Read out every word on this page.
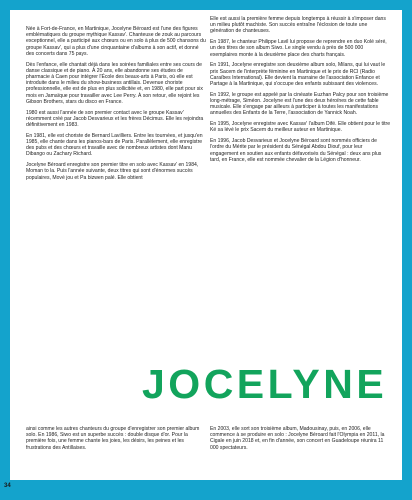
Née à Fort-de-France, en Martinique, Jocelyne Béroard est l'une des figures emblématiques du groupe mythique Kassav'. Chanteuse de zouk au parcours exceptionnel, elle a participé aux chœurs ou en solo à plus de 500 chansons du groupe Kassav', qui a plus d'une cinquantaine d'albums à son actif, et donné des concerts dans 75 pays.

Dès l'enfance, elle chantait déjà dans les soirées familiales entre ses cours de danse classique et de piano. À 20 ans, elle abandonne ses études de pharmacie à Caen pour intégrer l'École des beaux-arts à Paris, où elle est introduite dans le milieu du show-business antillais. Devenue choriste professionnelle, elle est de plus en plus sollicitée et, en 1980, elle part pour six mois en Jamaïque pour travailler avec Lee Perry. À son retour, elle rejoint les Gibson Brothers, stars du disco en France.

1980 est aussi l'année de son premier contact avec le groupe Kassav' récemment créé par Jacob Desvarieux et les frères Décimus. Elle les rejoindra définitivement en 1983.

En 1981, elle est choriste de Bernard Lavilliers. Entre les tournées, et jusqu'en 1985, elle chante dans les pianos-bars de Paris. Parallèlement, elle enregistre des pubs et des chœurs et travaille avec de nombreux artistes dont Manu Dibango ou Zachary Richard.

Jocelyne Béroard enregistre son premier titre en solo avec Kassav' en 1984, Moman to la. Puis l'année suivante, deux titres qui sont d'énormes succès populaires, Mové jou et Pa bizwen palé. Elle obtient

Elle est aussi la première femme depuis longtemps à réussir à s'imposer dans un milieu plutôt machiste. Son succès entraîne l'éclosion de toute une génération de chanteuses.

En 1987, le chanteur Philippe Lavil lui propose de reprendre en duo Kolé séré, un des titres de son album Siwo. Le single vendu à près de 500 000 exemplaires monte à la deuxième place des charts français.

En 1991, Jocelyne enregistre son deuxième album solo, Milans, qui lui vaut le prix Sacem de l'interprète féminine en Martinique et le prix de RCI (Radio Caraïbes International). Elle devient la marraine de l'association Enfance et Partage à la Martinique, qui s'occupe des enfants subissant des violences.

En 1992, le groupe est appelé par la cinéaste Euzhan Palcy pour son troisième long-métrage, Siméon. Jocelyne est l'une des deux héroïnes de cette fable musicale. Elle s'engage par ailleurs à participer à toutes les manifestations annuelles des Enfants de la Terre, l'association de Yannick Noah.

En 1995, Jocelyne enregistre avec Kassav' l'album Difé. Elle obtient pour le titre Ké sa lévé le prix Sacem du meilleur auteur en Martinique.

En 1996, Jacob Desvarieux et Jocelyne Béroard sont nommés officiers de l'ordre du Mérite par le président du Sénégal Abdou Diouf, pour leur engagement en soutien aux enfants défavorisés du Sénégal : deux ans plus tard, en France, elle est nommée chevalier de la Légion d'honneur.

JOCELYNE

ainsi comme les autres chanteurs du groupe d'enregistrer son premier album solo. En 1986, Siwo est un superbe succès : double disque d'or. Pour la première fois, une femme chante les joies, les désirs, les peines et les frustrations des Antillaises.

En 2003, elle sort son troisième album, Madousinay, puis, en 2006, elle commence à se produire en solo : Jocelyne Béroard fait l'Olympia en 2011, la Cigale en juin 2018 et, en fin d'année, son concert en Guadeloupe réunira 11 000 spectateurs.

34
